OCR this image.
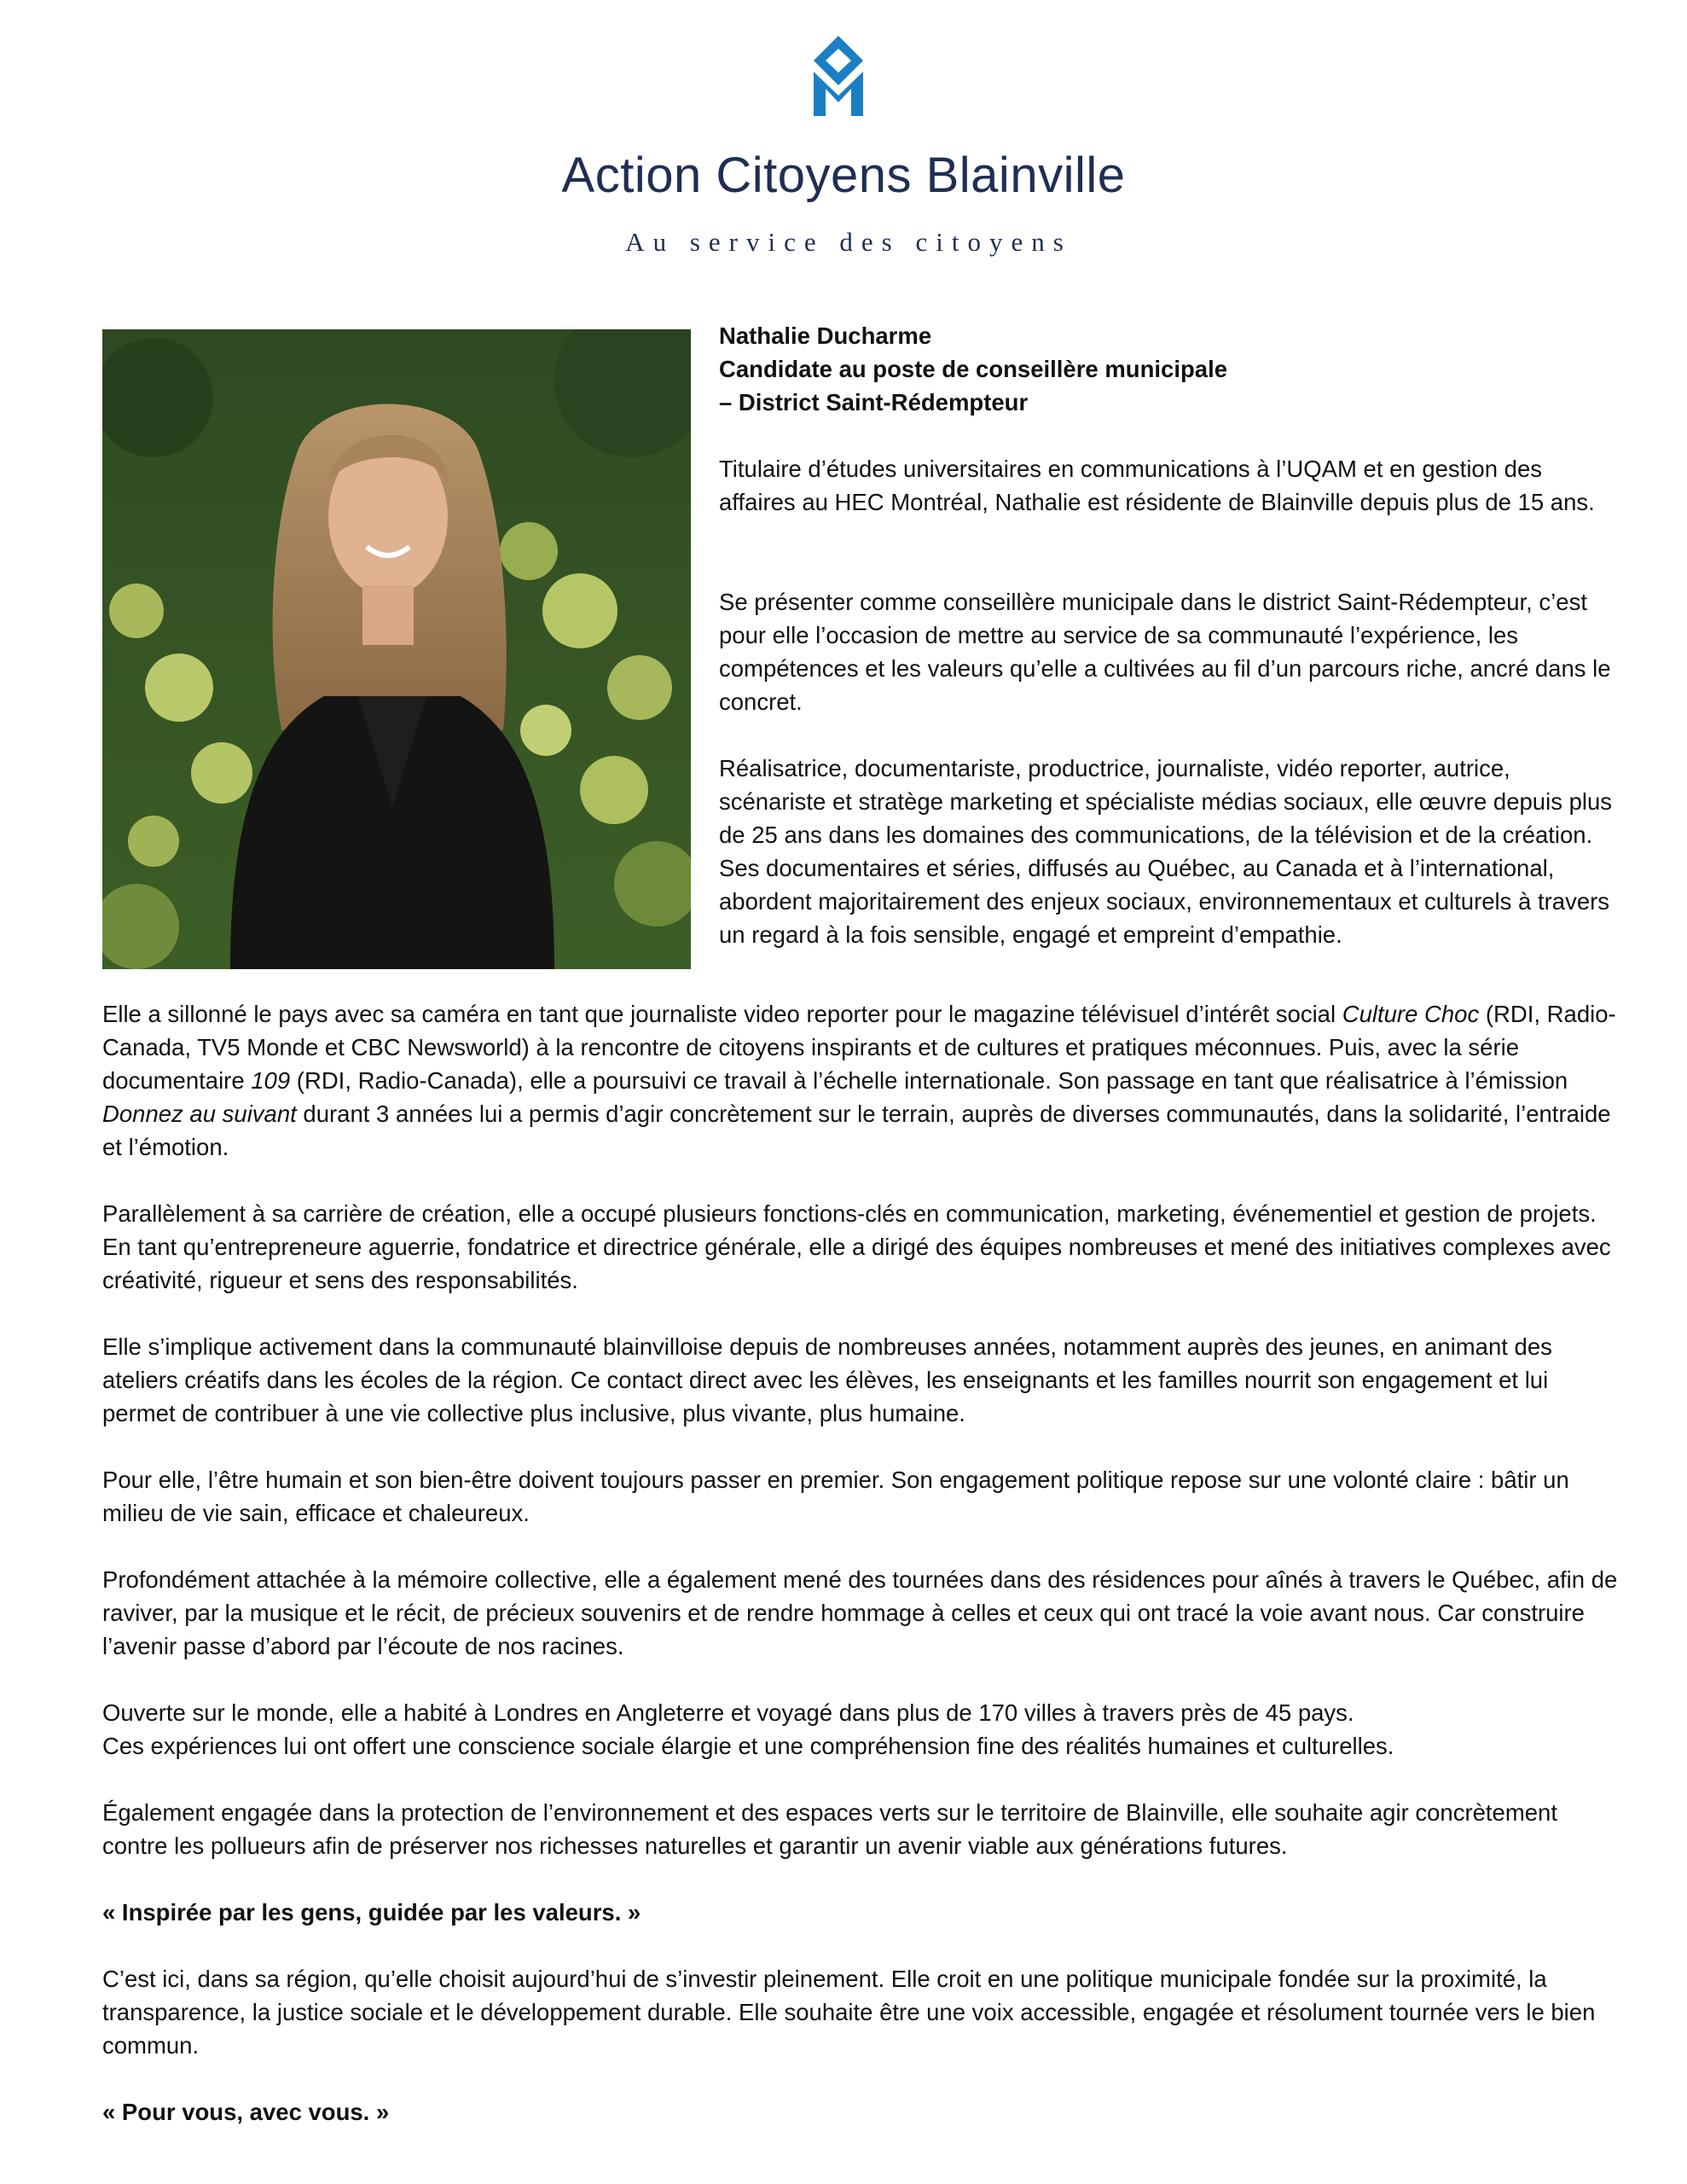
Action Citoyens Blainville
Au service des citoyens
Nathalie Ducharme
Candidate au poste de conseillère municipale
– District Saint-Rédempteur

Titulaire d’études universitaires en communications à l’UQAM et en gestion des affaires au HEC Montréal, Nathalie est résidente de Blainville depuis plus de 15 ans.

Se présenter comme conseillère municipale dans le district Saint-Rédempteur, c’est pour elle l’occasion de mettre au service de sa communauté l’expérience, les compétences et les valeurs qu’elle a cultivées au fil d’un parcours riche, ancré dans le concret.

Réalisatrice, documentariste, productrice, journaliste, vidéo reporter, autrice, scénariste et stratège marketing et spécialiste médias sociaux, elle œuvre depuis plus de 25 ans dans les domaines des communications, de la télévision et de la création. Ses documentaires et séries, diffusés au Québec, au Canada et à l’international, abordent majoritairement des enjeux sociaux, environnementaux et culturels à travers un regard à la fois sensible, engagé et empreint d’empathie.

Elle a sillonné le pays avec sa caméra en tant que journaliste video reporter pour le magazine télévisuel d’intérêt social Culture Choc (RDI, Radio-Canada, TV5 Monde et CBC Newsworld) à la rencontre de citoyens inspirants et de cultures et pratiques méconnues. Puis, avec la série documentaire 109 (RDI, Radio-Canada), elle a poursuivi ce travail à l’échelle internationale. Son passage en tant que réalisatrice à l’émission Donnez au suivant durant 3 années lui a permis d’agir concrètement sur le terrain, auprès de diverses communautés, dans la solidarité, l’entraide et l’émotion.

Parallèlement à sa carrière de création, elle a occupé plusieurs fonctions-clés en communication, marketing, événementiel et gestion de projets. En tant qu’entrepreneure aguerrie, fondatrice et directrice générale, elle a dirigé des équipes nombreuses et mené des initiatives complexes avec créativité, rigueur et sens des responsabilités.

Elle s’implique activement dans la communauté blainvilloise depuis de nombreuses années, notamment auprès des jeunes, en animant des ateliers créatifs dans les écoles de la région. Ce contact direct avec les élèves, les enseignants et les familles nourrit son engagement et lui permet de contribuer à une vie collective plus inclusive, plus vivante, plus humaine.

Pour elle, l’être humain et son bien-être doivent toujours passer en premier. Son engagement politique repose sur une volonté claire : bâtir un milieu de vie sain, efficace et chaleureux.

Profondément attachée à la mémoire collective, elle a également mené des tournées dans des résidences pour aînés à travers le Québec, afin de raviver, par la musique et le récit, de précieux souvenirs et de rendre hommage à celles et ceux qui ont tracé la voie avant nous. Car construire l’avenir passe d’abord par l’écoute de nos racines.

Ouverte sur le monde, elle a habité à Londres en Angleterre et voyagé dans plus de 170 villes à travers près de 45 pays.
Ces expériences lui ont offert une conscience sociale élargie et une compréhension fine des réalités humaines et culturelles.

Également engagée dans la protection de l’environnement et des espaces verts sur le territoire de Blainville, elle souhaite agir concrètement contre les pollueurs afin de préserver nos richesses naturelles et garantir un avenir viable aux générations futures.

« Inspirée par les gens, guidée par les valeurs. »

C’est ici, dans sa région, qu’elle choisit aujourd’hui de s’investir pleinement. Elle croit en une politique municipale fondée sur la proximité, la transparence, la justice sociale et le développement durable. Elle souhaite être une voix accessible, engagée et résolument tournée vers le bien commun.

« Pour vous, avec vous. »
